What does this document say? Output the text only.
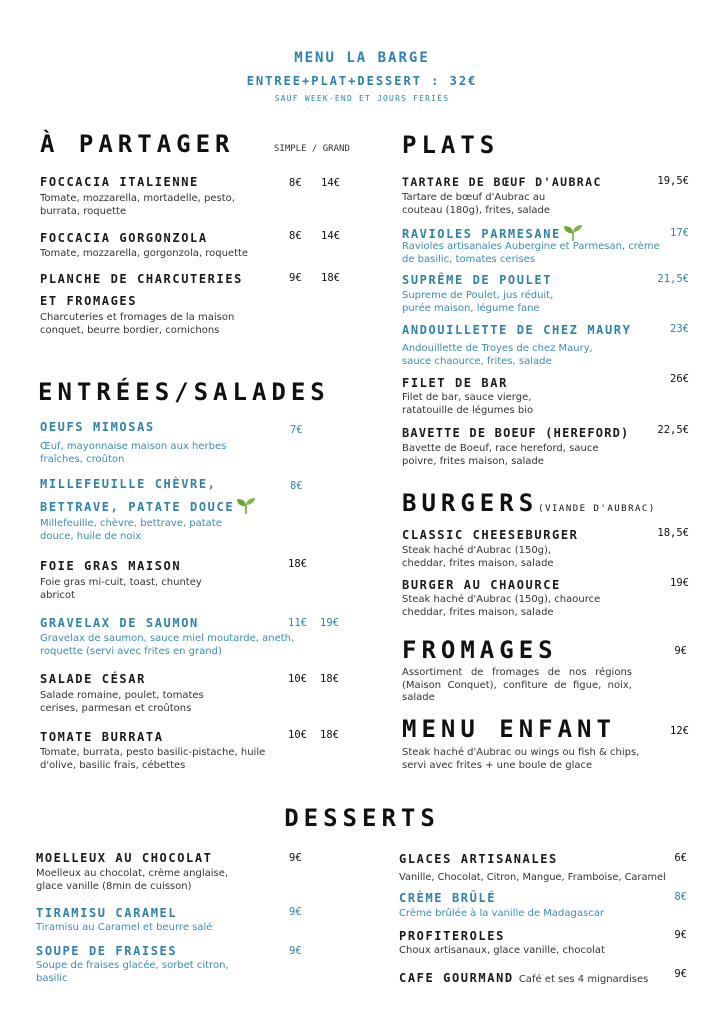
MENU LA BARGE
ENTREE+PLAT+DESSERT : 32€
SAUF WEEK-END ET JOURS FERIÉS
À PARTAGER	SIMPLE / GRAND
FOCCACIA ITALIENNE	8€ 14€
Tomate, mozzarella, mortadelle, pesto, burrata, roquette
FOCCACIA GORGONZOLA	8€ 14€
Tomate, mozzarella, gorgonzola, roquette
PLANCHE DE CHARCUTERIES
ET FROMAGES
9€ 18€
Charcuteries et fromages de la maison conquet, beurre bordier, cornichons
ENTRÉES/SALADES
OEUFS MIMOSAS	7€
Œuf, mayonnaise maison aux herbes fraîches, croûton
MILLEFEUILLE CHÈVRE,
BETTRAVE, PATATE DOUCE
8€
Millefeuille, chèvre, bettrave, patate douce, huile de noix
FOIE GRAS MAISON	18€
Foie gras mi-cuit, toast, chuntey abricot
GRAVELAX DE SAUMON	11€ 19€
Gravelax de saumon, sauce miel moutarde, aneth, roquette (servi avec frites en grand)
SALADE CÉSAR	10€ 18€
Salade romaine, poulet, tomates cerises, parmesan et croûtons
TOMATE BURRATA	10€ 18€
Tomate, burrata, pesto basilic-pistache, huile d'olive, basilic frais, cébettes
PLATS
TARTARE DE BŒUF D'AUBRAC	19,5€
Tartare de bœuf d'Aubrac au couteau (180g), frites, salade
RAVIOLES PARMESANE	17€
Ravioles artisanales Aubergine et Parmesan, crème de basilic, tomates cerises
SUPRÊME DE POULET	21,5€
Supreme de Poulet, jus réduit, purée maison, légume fane
ANDOUILLETTE DE CHEZ MAURY	23€
Andouillette de Troyes de chez Maury, sauce chaource, frites, salade
FILET DE BAR	26€
Filet de bar, sauce vierge, ratatouille de légumes bio
BAVETTE DE BOEUF (HEREFORD)	22,5€
Bavette de Boeuf, race hereford, sauce poivre, frites maison, salade
BURGERS(VIANDE D'AUBRAC)
CLASSIC CHEESEBURGER	18,5€
Steak haché d'Aubrac (150g), cheddar, frites maison, salade
BURGER AU CHAOURCE	19€
Steak haché d'Aubrac (150g), chaource cheddar, frites maison, salade
FROMAGES	9€
Assortiment de fromages de nos régions (Maison Conquet), confiture de figue, noix, salade
MENU ENFANT	12€
Steak haché d'Aubrac ou wings ou fish & chips, servi avec frites + une boule de glace
DESSERTS
MOELLEUX AU CHOCOLAT	9€
Moelleux au chocolat, crème anglaise, glace vanille (8min de cuisson)
TIRAMISU CARAMEL	9€
Tiramisu au Caramel et beurre salé
SOUPE DE FRAISES	9€
Soupe de fraises glacée, sorbet citron, basilic
GLACES ARTISANALES	6€
Vanille, Chocolat, Citron, Mangue, Framboise, Caramel
CRÈME BRÛLÉ	8€
Crème brûlée à la vanille de Madagascar
PROFITEROLES	9€
Choux artisanaux, glace vanille, chocolat
CAFE GOURMAND Café et ses 4 mignardises 9€
